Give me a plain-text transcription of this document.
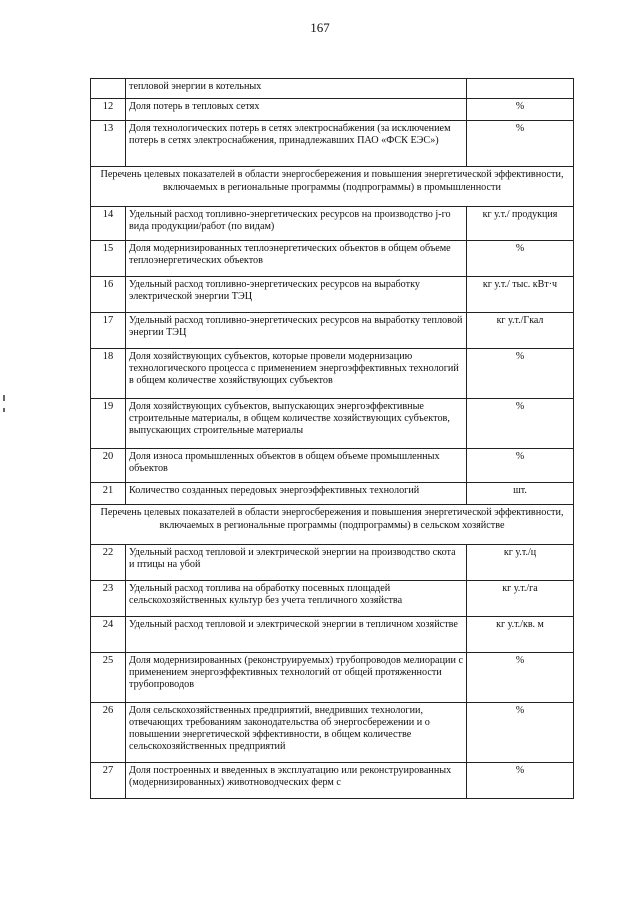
167
	тепловой энергии в котельных	
12	Доля потерь в тепловых сетях	%
13	Доля технологических потерь в сетях электроснабжения (за исключением потерь в сетях электроснабжения, принадлежавших ПАО «ФСК ЕЭС»)	%
Перечень целевых показателей в области энергосбережения и повышения энергетической эффективности, включаемых в региональные программы (подпрограммы) в промышленности		
14	Удельный расход топливно-энергетических ресурсов на производство j-го вида продукции/работ (по видам)	кг у.т./ продукция
15	Доля модернизированных теплоэнергетических объектов в общем объеме теплоэнергетических объектов	%
16	Удельный расход топливно-энергетических ресурсов на выработку электрической энергии ТЭЦ	кг у.т./ тыс. кВт·ч
17	Удельный расход топливно-энергетических ресурсов на выработку тепловой энергии ТЭЦ	кг у.т./Гкал
18	Доля хозяйствующих субъектов, которые провели модернизацию технологического процесса с применением энергоэффективных технологий в общем количестве хозяйствующих субъектов	%
19	Доля хозяйствующих субъектов, выпускающих энергоэффективные строительные материалы, в общем количестве хозяйствующих субъектов, выпускающих строительные материалы	%
20	Доля износа промышленных объектов в общем объеме промышленных объектов	%
21	Количество созданных передовых энергоэффективных технологий	шт.
Перечень целевых показателей в области энергосбережения и повышения энергетической эффективности, включаемых в региональные программы (подпрограммы) в сельском хозяйстве		
22	Удельный расход тепловой и электрической энергии на производство скота и птицы на убой	кг у.т./ц
23	Удельный расход топлива на обработку посевных площадей сельскохозяйственных культур без учета тепличного хозяйства	кг у.т./га
24	Удельный расход тепловой и электрической энергии в тепличном хозяйстве	кг у.т./кв. м
25	Доля модернизированных (реконструируемых) трубопроводов мелиорации с применением энергоэффективных технологий от общей протяженности трубопроводов	%
26	Доля сельскохозяйственных предприятий, внедривших технологии, отвечающих требованиям законодательства об энергосбережении и о повышении энергетической эффективности, в общем количестве сельскохозяйственных предприятий	%
27	Доля построенных и введенных в эксплуатацию или реконструированных (модернизированных) животноводческих ферм с	%
